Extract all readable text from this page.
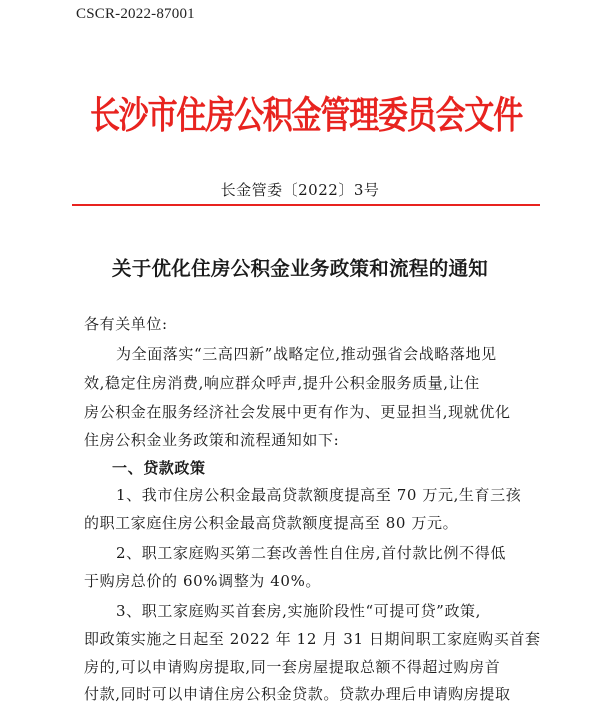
CSCR-2022-87001
长沙市住房公积金管理委员会文件
长金管委〔2022〕3号
关于优化住房公积金业务政策和流程的通知
各有关单位:
为全面落实“三高四新”战略定位,推动强省会战略落地见
效,稳定住房消费,响应群众呼声,提升公积金服务质量,让住
房公积金在服务经济社会发展中更有作为、更显担当,现就优化
住房公积金业务政策和流程通知如下:
一、贷款政策
1、我市住房公积金最高贷款额度提高至 70 万元,生育三孩
的职工家庭住房公积金最高贷款额度提高至 80 万元。
2、职工家庭购买第二套改善性自住房,首付款比例不得低
于购房总价的 60%调整为 40%。
3、职工家庭购买首套房,实施阶段性“可提可贷”政策,
即政策实施之日起至 2022 年 12 月 31 日期间职工家庭购买首套
房的,可以申请购房提取,同一套房屋提取总额不得超过购房首
付款,同时可以申请住房公积金贷款。贷款办理后申请购房提取
